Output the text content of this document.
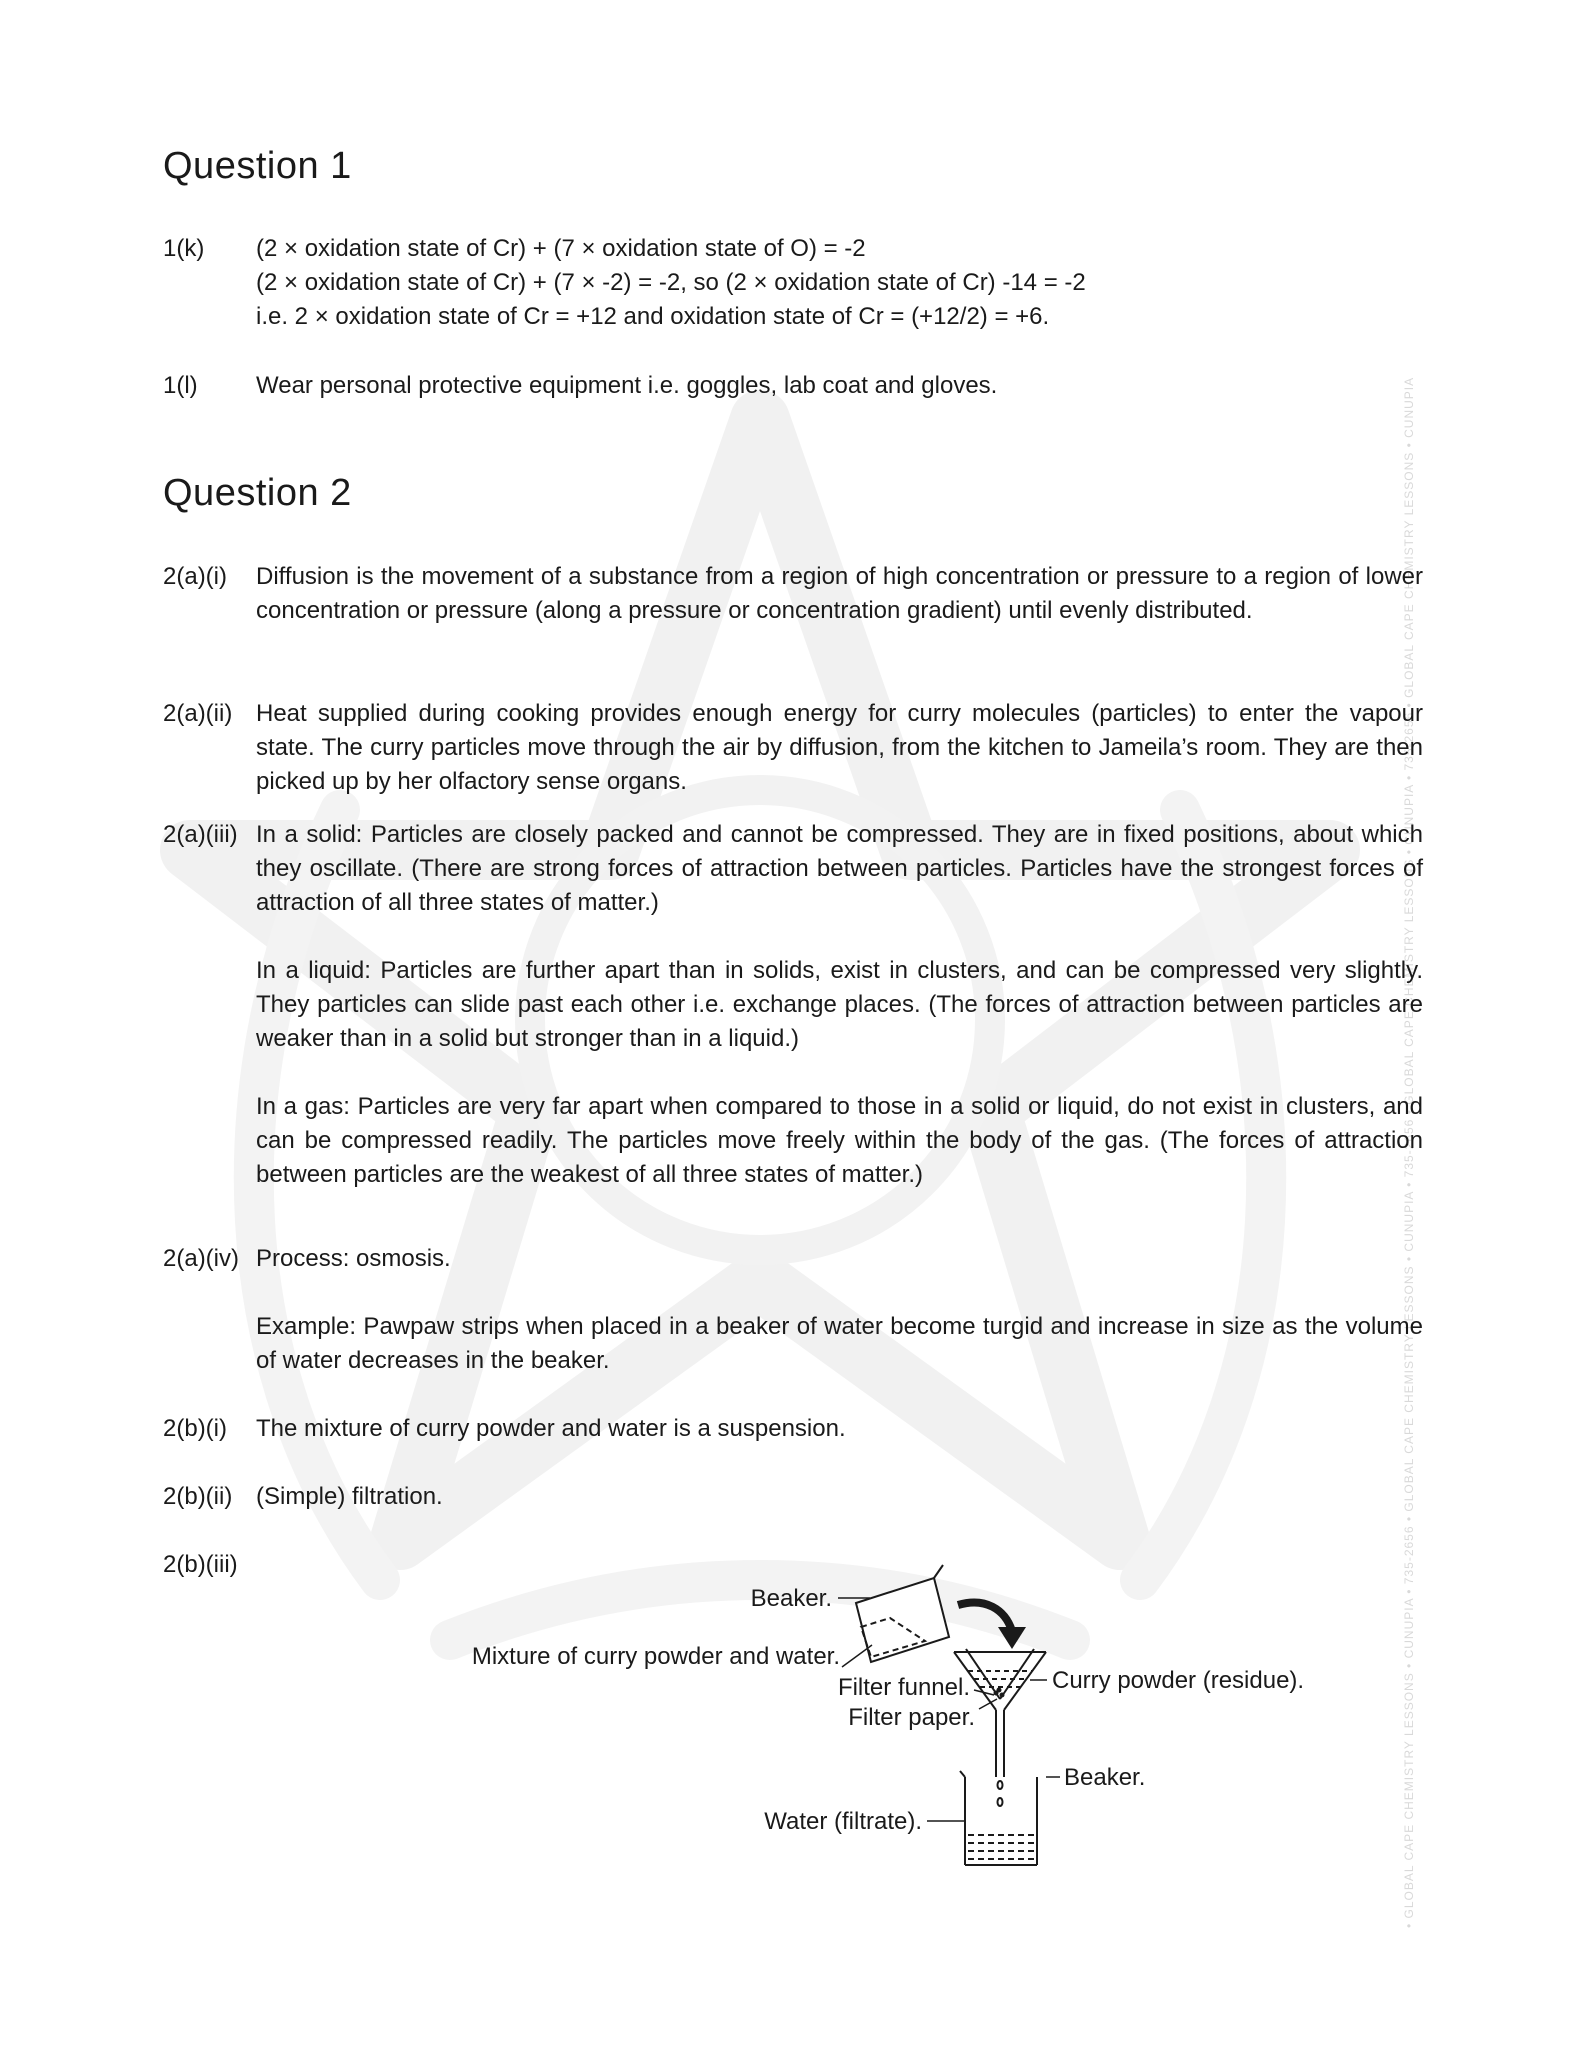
• GLOBAL CAPE CHEMISTRY LESSONS • CUNUPIA • 735-2656 • GLOBAL CAPE CHEMISTRY LESSONS • CUNUPIA • 735-2656 • GLOBAL CAPE CHEMISTRY LESSONS • CUNUPIA • 735-2656 • GLOBAL CAPE CHEMISTRY LESSONS • CUNUPIA
Question 1
1(k)	(2 × oxidation state of Cr) + (7 × oxidation state of O) = -2
(2 × oxidation state of Cr) + (7 × -2) = -2, so (2 × oxidation state of Cr) -14 = -2
i.e. 2 × oxidation state of Cr = +12 and oxidation state of Cr = (+12/2) = +6.
1(l)	Wear personal protective equipment i.e. goggles, lab coat and gloves.

Question 2
2(a)(i)	Diffusion is the movement of a substance from a region of high concentration or pressure to a region of lower concentration or pressure (along a pressure or concentration gradient) until evenly distributed.

2(a)(ii) Heat supplied during cooking provides enough energy for curry molecules (particles) to enter the vapour state. The curry particles move through the air by diffusion, from the kitchen to Jameila’s room. They are then picked up by her olfactory sense organs.

2(a)(iii) In a solid: Particles are closely packed and cannot be compressed. They are in fixed positions, about which they oscillate. (There are strong forces of attraction between particles. Particles have the strongest forces of attraction of all three states of matter.)

In a liquid: Particles are further apart than in solids, exist in clusters, and can be compressed very slightly. They particles can slide past each other i.e. exchange places. (The forces of attraction between particles are weaker than in a solid but stronger than in a liquid.)

In a gas: Particles are very far apart when compared to those in a solid or liquid, do not exist in clusters, and can be compressed readily. The particles move freely within the body of the gas. (The forces of attraction between particles are the weakest of all three states of matter.)

2(a)(iv) Process: osmosis.

Example: Pawpaw strips when placed in a beaker of water become turgid and increase in size as the volume of water decreases in the beaker.

2(b)(i)	The mixture of curry powder and water is a suspension.

2(b)(ii) (Simple) filtration.

2(b)(iii)
Beaker.
Mixture of curry powder and water.
Filter funnel.
Filter paper.
Curry powder (residue).
Beaker.
Water (filtrate).
